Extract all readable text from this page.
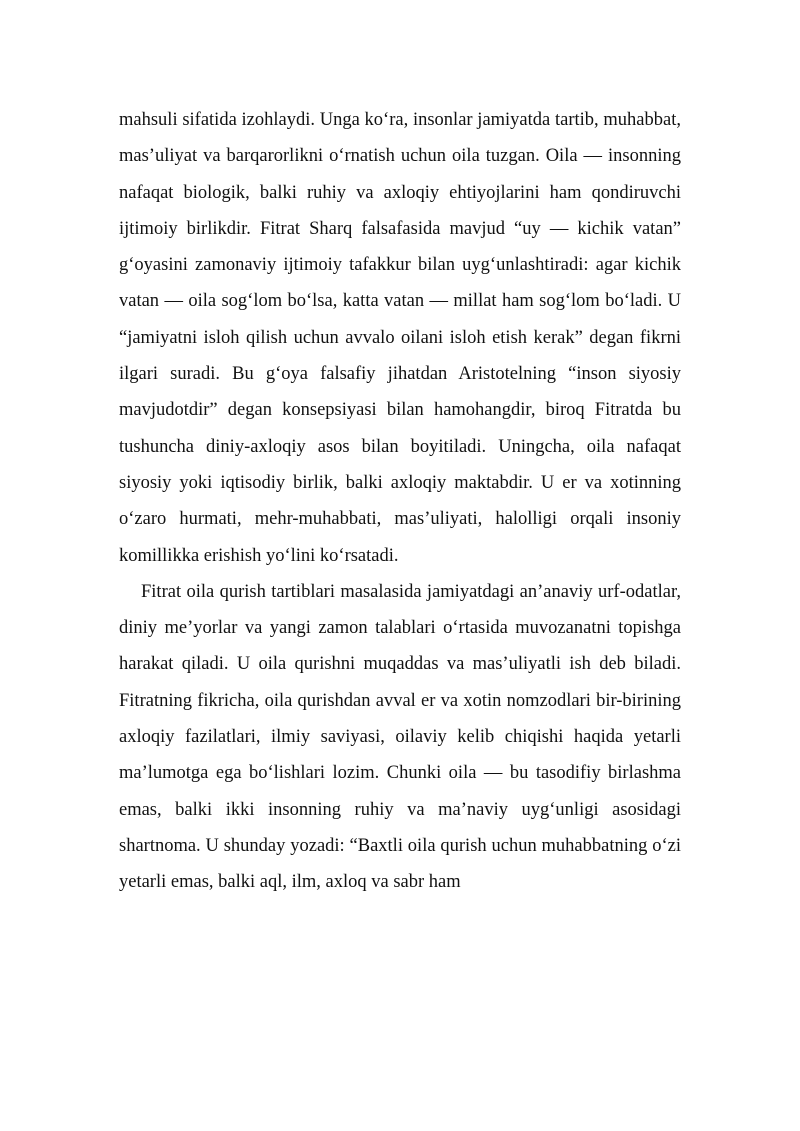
mahsuli sifatida izohlaydi. Unga ko‘ra, insonlar jamiyatda tartib, muhabbat, mas’uliyat va barqarorlikni o‘rnatish uchun oila tuzgan. Oila — insonning nafaqat biologik, balki ruhiy va axloqiy ehtiyojlarini ham qondiruvchi ijtimoiy birlikdir. Fitrat Sharq falsafasida mavjud “uy — kichik vatan” g‘oyasini zamonaviy ijtimoiy tafakkur bilan uyg‘unlashtiradi: agar kichik vatan — oila sog‘lom bo‘lsa, katta vatan — millat ham sog‘lom bo‘ladi. U “jamiyatni isloh qilish uchun avvalo oilani isloh etish kerak” degan fikrni ilgari suradi. Bu g‘oya falsafiy jihatdan Aristotelning “inson siyosiy mavjudotdir” degan konsepsiyasi bilan hamohangdir, biroq Fitratda bu tushuncha diniy-axloqiy asos bilan boyitiladi. Uningcha, oila nafaqat siyosiy yoki iqtisodiy birlik, balki axloqiy maktabdir. U er va xotinning o‘zaro hurmati, mehr-muhabbati, mas’uliyati, halolligi orqali insoniy komillikka erishish yo‘lini ko‘rsatadi.

Fitrat oila qurish tartiblari masalasida jamiyatdagi an’anaviy urf-odatlar, diniy me’yorlar va yangi zamon talablari o‘rtasida muvozanatni topishga harakat qiladi. U oila qurishni muqaddas va mas’uliyatli ish deb biladi. Fitratning fikricha, oila qurishdan avval er va xotin nomzodlari bir-birining axloqiy fazilatlari, ilmiy saviyasi, oilaviy kelib chiqishi haqida yetarli ma’lumotga ega bo‘lishlari lozim. Chunki oila — bu tasodifiy birlashma emas, balki ikki insonning ruhiy va ma’naviy uyg‘unligi asosidagi shartnoma. U shunday yozadi: “Baxtli oila qurish uchun muhabbatning o‘zi yetarli emas, balki aql, ilm, axloq va sabr ham
